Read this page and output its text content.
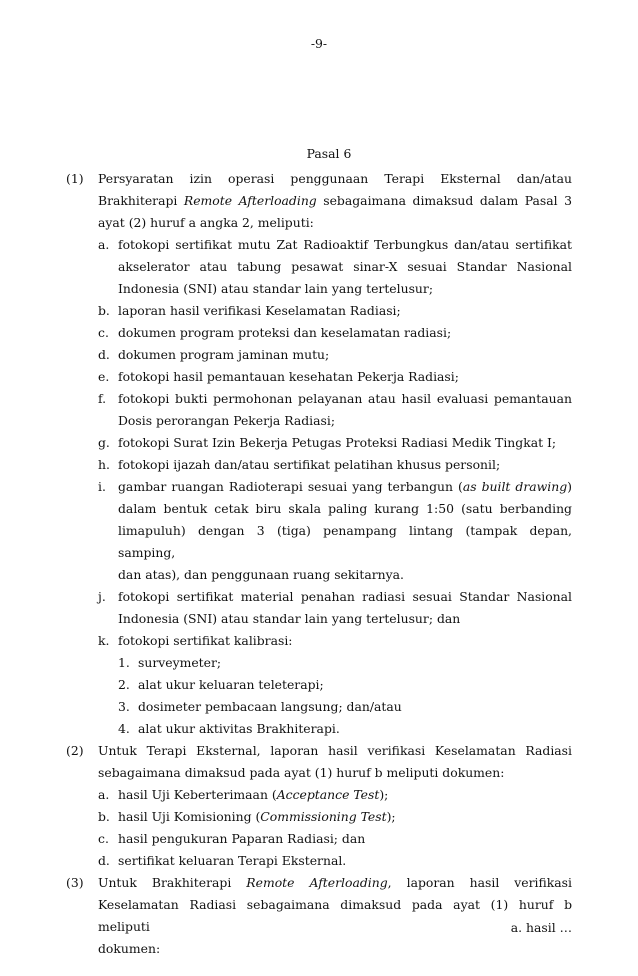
-9-
Pasal 6
(1) Persyaratan izin operasi penggunaan Terapi Eksternal dan/atau
Brakhiterapi Remote Afterloading sebagaimana dimaksud dalam Pasal 3
ayat (2) huruf a angka 2, meliputi:
a. fotokopi sertifikat mutu Zat Radioaktif Terbungkus dan/atau sertifikat
akselerator atau tabung pesawat sinar-X sesuai Standar Nasional
Indonesia (SNI) atau standar lain yang tertelusur;
b. laporan hasil verifikasi Keselamatan Radiasi;
c. dokumen program proteksi dan keselamatan radiasi;
d. dokumen program jaminan mutu;
e. fotokopi hasil pemantauan kesehatan Pekerja Radiasi;
f. fotokopi bukti permohonan pelayanan atau hasil evaluasi pemantauan
Dosis perorangan Pekerja Radiasi;
g. fotokopi Surat Izin Bekerja Petugas Proteksi Radiasi Medik Tingkat I;
h. fotokopi ijazah dan/atau sertifikat pelatihan khusus personil;
i. gambar ruangan Radioterapi sesuai yang terbangun (as built drawing)
dalam bentuk cetak biru skala paling kurang 1:50 (satu berbanding
limapuluh) dengan 3 (tiga) penampang lintang (tampak depan, samping,
dan atas), dan penggunaan ruang sekitarnya.
j. fotokopi sertifikat material penahan radiasi sesuai Standar Nasional
Indonesia (SNI) atau standar lain yang tertelusur; dan
k. fotokopi sertifikat kalibrasi:
1. surveymeter;
2. alat ukur keluaran teleterapi;
3. dosimeter pembacaan langsung; dan/atau
4. alat ukur aktivitas Brakhiterapi.
(2) Untuk Terapi Eksternal, laporan hasil verifikasi Keselamatan Radiasi
sebagaimana dimaksud pada ayat (1) huruf b meliputi dokumen:
a. hasil Uji Keberterimaan (Acceptance Test);
b. hasil Uji Komisioning (Commissioning Test);
c. hasil pengukuran Paparan Radiasi; dan
d. sertifikat keluaran Terapi Eksternal.
(3) Untuk Brakhiterapi Remote Afterloading, laporan hasil verifikasi
Keselamatan Radiasi sebagaimana dimaksud pada ayat (1) huruf b meliputi
dokumen:
a. hasil …
